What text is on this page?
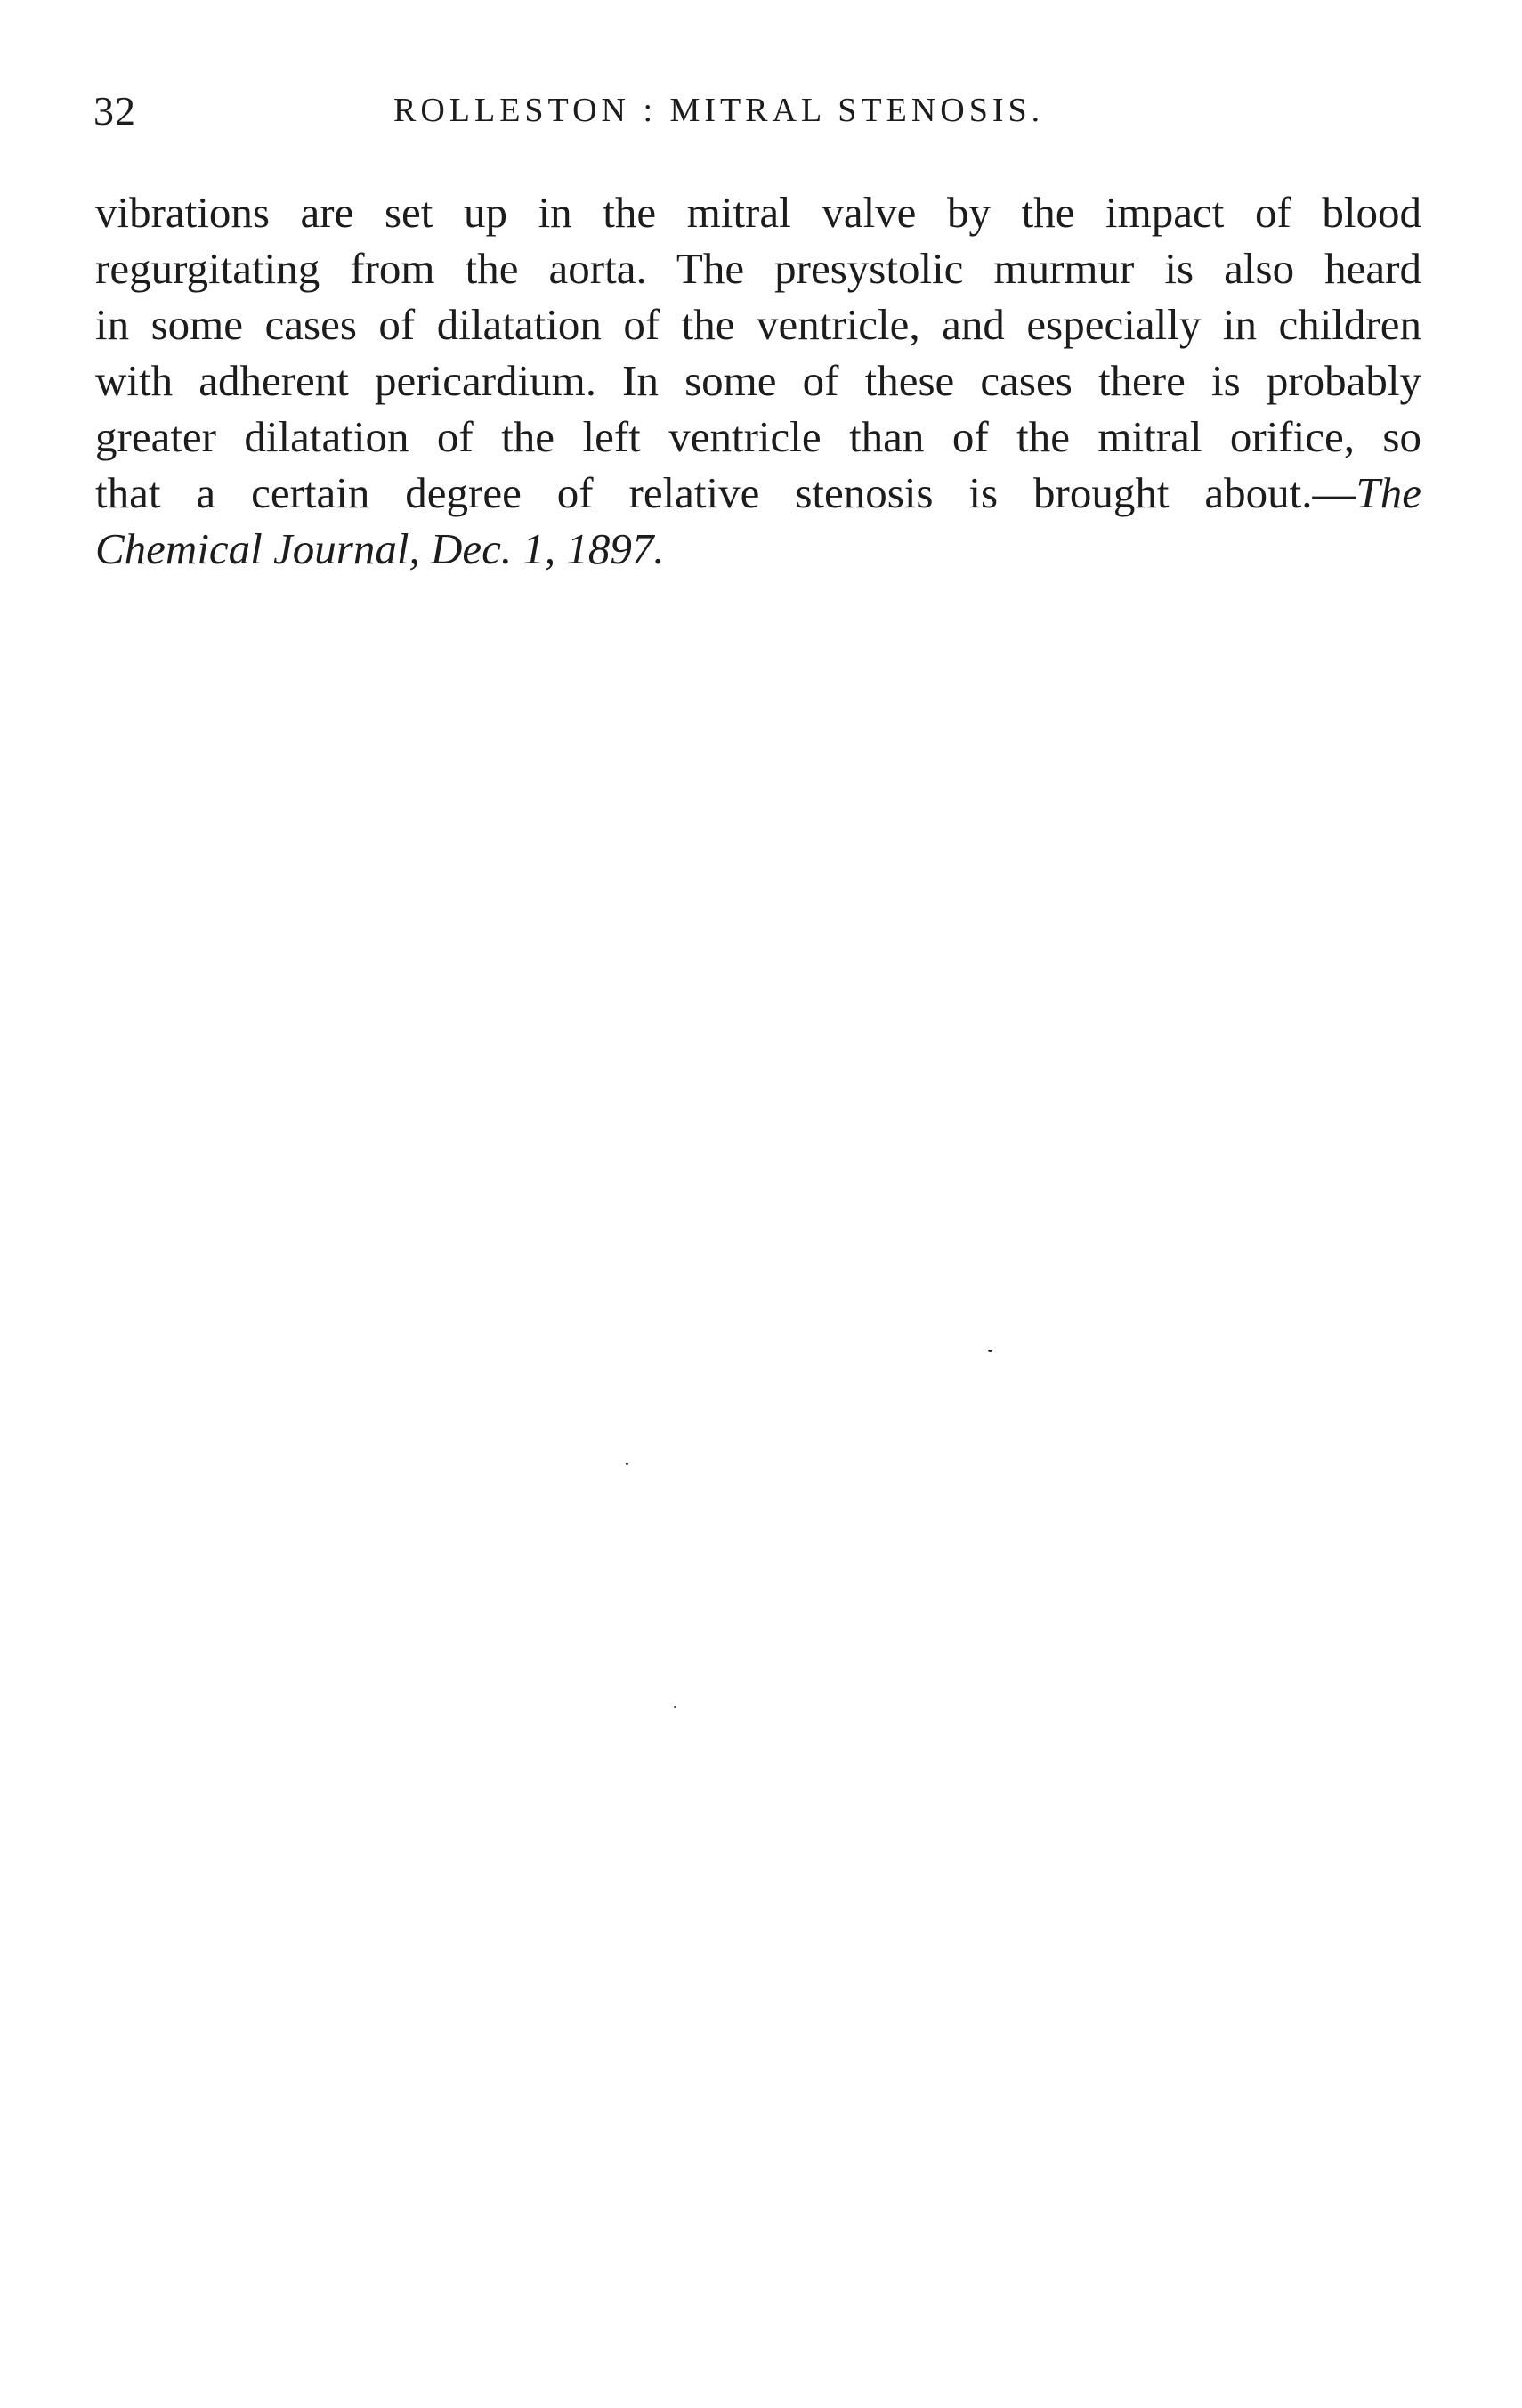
32	ROLLESTON : MITRAL STENOSIS.
vibrations are set up in the mitral valve by the impact of blood
regurgitating from the aorta. The presystolic murmur is also heard
in some cases of dilatation of the ventricle, and especially in children
with adherent pericardium. In some of these cases there is probably
greater dilatation of the left ventricle than of the mitral orifice, so
that a certain degree of relative stenosis is brought about.—The
Chemical Journal, Dec. 1, 1897.
